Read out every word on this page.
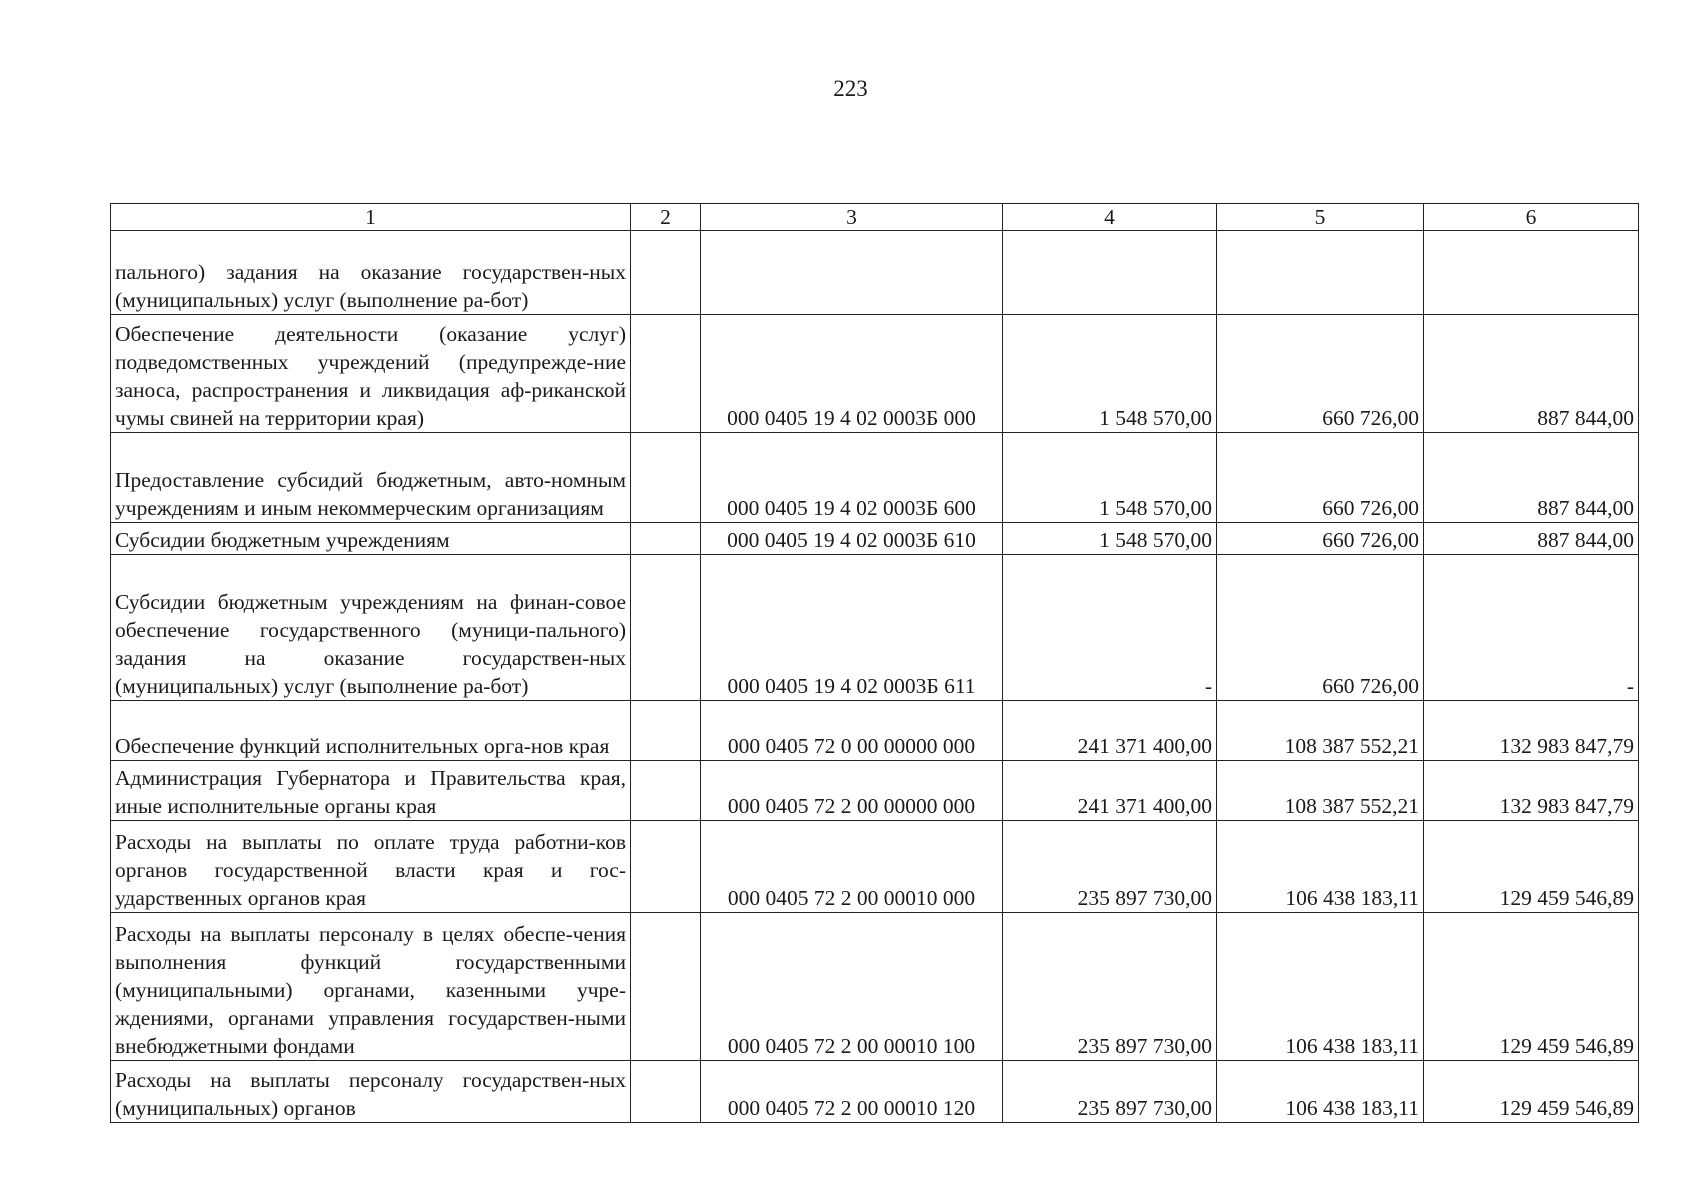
223
1	2	3	4	5	6
пального) задания на оказание государствен-ных (муниципальных) услуг (выполнение ра-бот)					
Обеспечение деятельности (оказание услуг) подведомственных учреждений (предупрежде-ние заноса, распространения и ликвидация аф-риканской чумы свиней на территории края)		000 0405 19 4 02 0003Б 000	1 548 570,00	660 726,00	887 844,00
Предоставление субсидий бюджетным, авто-номным учреждениям и иным некоммерческим организациям		000 0405 19 4 02 0003Б 600	1 548 570,00	660 726,00	887 844,00
Субсидии бюджетным учреждениям		000 0405 19 4 02 0003Б 610	1 548 570,00	660 726,00	887 844,00
Субсидии бюджетным учреждениям на финан-совое обеспечение государственного (муници-пального) задания на оказание государствен-ных (муниципальных) услуг (выполнение ра-бот)		000 0405 19 4 02 0003Б 611	-	660 726,00	-
Обеспечение функций исполнительных орга-нов края		000 0405 72 0 00 00000 000	241 371 400,00	108 387 552,21	132 983 847,79
Администрация Губернатора и Правительства края, иные исполнительные органы края		000 0405 72 2 00 00000 000	241 371 400,00	108 387 552,21	132 983 847,79
Расходы на выплаты по оплате труда работни-ков органов государственной власти края и гос-ударственных органов края		000 0405 72 2 00 00010 000	235 897 730,00	106 438 183,11	129 459 546,89
Расходы на выплаты персоналу в целях обеспе-чения выполнения функций государственными (муниципальными) органами, казенными учре-ждениями, органами управления государствен-ными внебюджетными фондами		000 0405 72 2 00 00010 100	235 897 730,00	106 438 183,11	129 459 546,89
Расходы на выплаты персоналу государствен-ных (муниципальных) органов		000 0405 72 2 00 00010 120	235 897 730,00	106 438 183,11	129 459 546,89
